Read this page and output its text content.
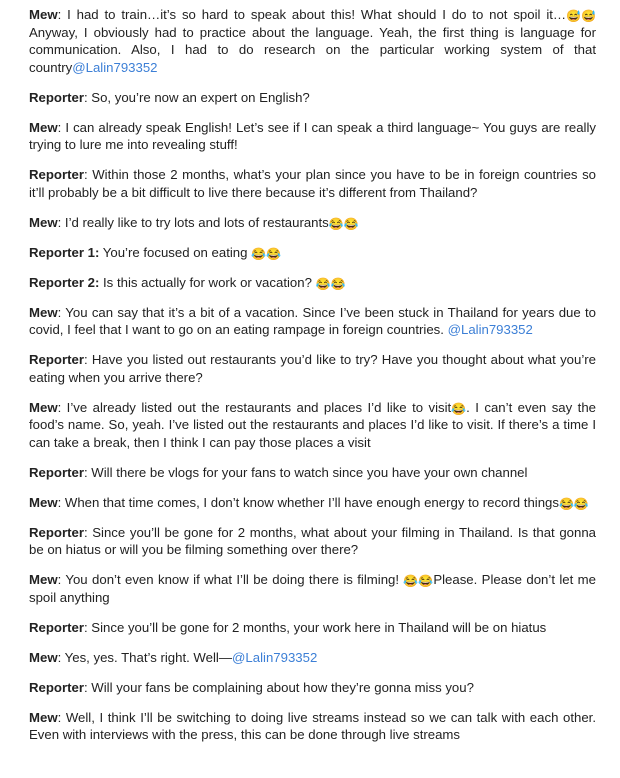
Mew: I had to train…it’s so hard to speak about this! What should I do to not spoil it…😅😅Anyway, I obviously had to practice about the language. Yeah, the first thing is language for communication. Also, I had to do research on the particular working system of that country@Lalin793352

Reporter: So, you’re now an expert on English?

Mew: I can already speak English! Let’s see if I can speak a third language~ You guys are really trying to lure me into revealing stuff!

Reporter: Within those 2 months, what’s your plan since you have to be in foreign countries so it’ll probably be a bit difficult to live there because it’s different from Thailand?

Mew: I’d really like to try lots and lots of restaurants😂😂

Reporter 1: You’re focused on eating 😂😂

Reporter 2: Is this actually for work or vacation? 😂😂

Mew: You can say that it’s a bit of a vacation. Since I’ve been stuck in Thailand for years due to covid, I feel that I want to go on an eating rampage in foreign countries. @Lalin793352

Reporter: Have you listed out restaurants you’d like to try? Have you thought about what you’re eating when you arrive there?

Mew: I’ve already listed out the restaurants and places I’d like to visit😂. I can’t even say the food’s name. So, yeah. I’ve listed out the restaurants and places I’d like to visit. If there’s a time I can take a break, then I think I can pay those places a visit

Reporter: Will there be vlogs for your fans to watch since you have your own channel

Mew: When that time comes, I don’t know whether I’ll have enough energy to record things😂😂

Reporter: Since you’ll be gone for 2 months, what about your filming in Thailand. Is that gonna be on hiatus or will you be filming something over there?

Mew: You don’t even know if what I’ll be doing there is filming! 😂😂Please. Please don’t let me spoil anything

Reporter: Since you’ll be gone for 2 months, your work here in Thailand will be on hiatus

Mew: Yes, yes. That’s right. Well—@Lalin793352

Reporter: Will your fans be complaining about how they’re gonna miss you?

Mew: Well, I think I’ll be switching to doing live streams instead so we can talk with each other. Even with interviews with the press, this can be done through live streams
